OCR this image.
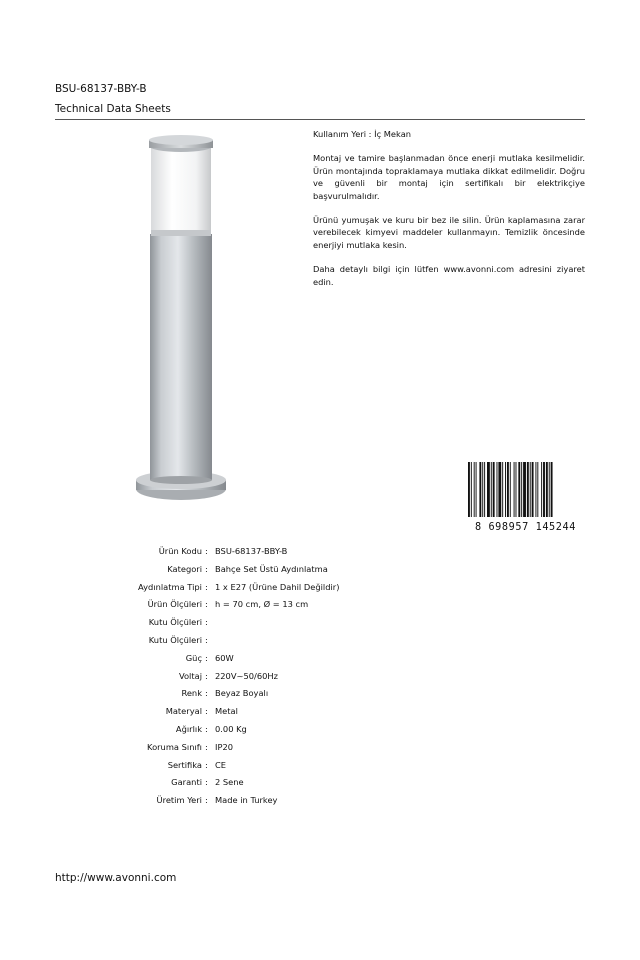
BSU-68137-BBY-B
Technical Data Sheets

Kullanım Yeri : İç Mekan

Montaj ve tamire başlanmadan önce enerji mutlaka kesilmelidir. Ürün montajında topraklamaya mutlaka dikkat edilmelidir. Doğru ve güvenli bir montaj için sertifikalı bir elektrikçiye başvurulmalıdır.

Ürünü yumuşak ve kuru bir bez ile silin. Ürün kaplamasına zarar verebilecek kimyevi maddeler kullanmayın. Temizlik öncesinde enerjiyi mutlaka kesin.

Daha detaylı bilgi için lütfen www.avonni.com adresini ziyaret edin.

8 698957 145244
Ürün Kodu : BSU-68137-BBY-B
Kategori : Bahçe Set Üstü Aydınlatma
Aydınlatma Tipi : 1 x E27 (Ürüne Dahil Değildir)
Ürün Ölçüleri : h = 70 cm, Ø = 13 cm
Kutu Ölçüleri :
Kutu Ölçüleri :
Güç : 60W
Voltaj : 220V~50/60Hz
Renk : Beyaz Boyalı
Materyal : Metal
Ağırlık : 0.00 Kg
Koruma Sınıfı : IP20
Sertifika : CE
Garanti : 2 Sene
Üretim Yeri : Made in Turkey
http://www.avonni.com
